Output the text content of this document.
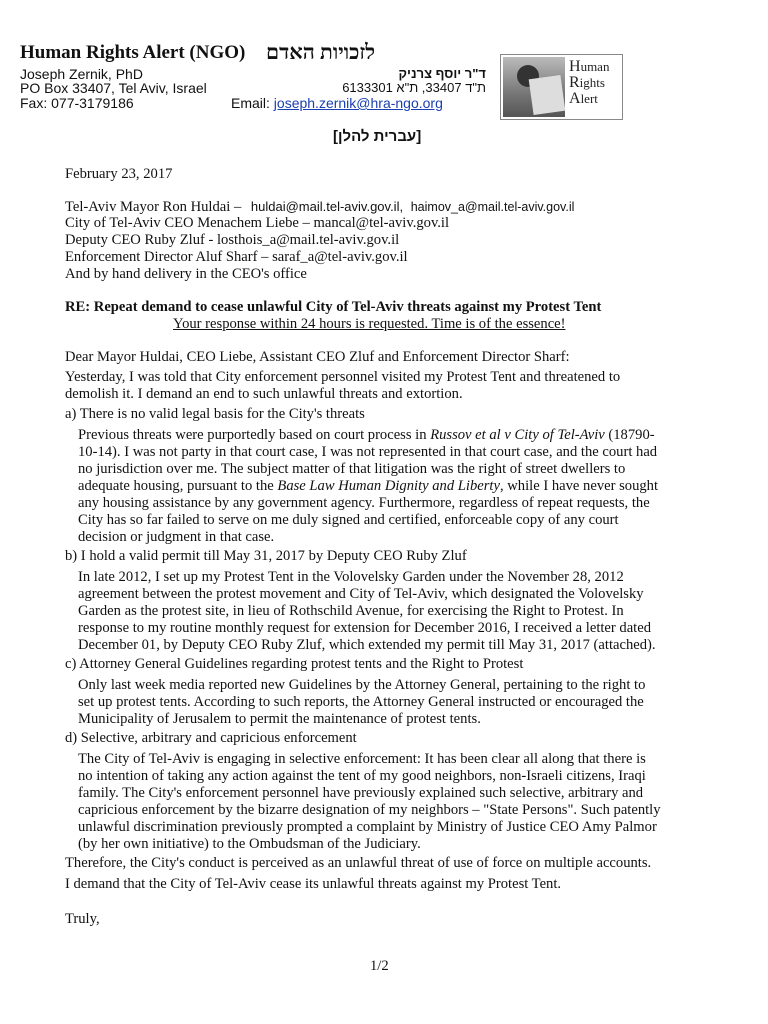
Human Rights Alert (NGO) לזכויות האדם
Joseph Zernik, PhD	ד"ר יוסף צרניק
PO Box 33407, Tel Aviv, Israel	ת"ד 33407, ת"א 6133301
Fax: 077-3179186	Email: joseph.zernik@hra-ngo.org
Human
Rights
Alert
[עברית להלן]
February 23, 2017
Tel-Aviv Mayor Ron Huldai – huldai@mail.tel-aviv.gov.il, haimov_a@mail.tel-aviv.gov.il
City of Tel-Aviv CEO Menachem Liebe – mancal@tel-aviv.gov.il
Deputy CEO Ruby Zluf - losthois_a@mail.tel-aviv.gov.il
Enforcement Director Aluf Sharf – saraf_a@tel-aviv.gov.il
And by hand delivery in the CEO's office
RE: Repeat demand to cease unlawful City of Tel-Aviv threats against my Protest Tent
Your response within 24 hours is requested. Time is of the essence!
Dear Mayor Huldai, CEO Liebe, Assistant CEO Zluf and Enforcement Director Sharf:
Yesterday, I was told that City enforcement personnel visited my Protest Tent and threatened to
demolish it. I demand an end to such unlawful threats and extortion.
a) There is no valid legal basis for the City's threats
Previous threats were purportedly based on court process in Russov et al v City of Tel-Aviv (18790-
10-14). I was not party in that court case, I was not represented in that court case, and the court had
no jurisdiction over me. The subject matter of that litigation was the right of street dwellers to
adequate housing, pursuant to the Base Law Human Dignity and Liberty, while I have never sought
any housing assistance by any government agency. Furthermore, regardless of repeat requests, the
City has so far failed to serve on me duly signed and certified, enforceable copy of any court
decision or judgment in that case.
b) I hold a valid permit till May 31, 2017 by Deputy CEO Ruby Zluf
In late 2012, I set up my Protest Tent in the Volovelsky Garden under the November 28, 2012
agreement between the protest movement and City of Tel-Aviv, which designated the Volovelsky
Garden as the protest site, in lieu of Rothschild Avenue, for exercising the Right to Protest. In
response to my routine monthly request for extension for December 2016, I received a letter dated
December 01, by Deputy CEO Ruby Zluf, which extended my permit till May 31, 2017 (attached).
c) Attorney General Guidelines regarding protest tents and the Right to Protest
Only last week media reported new Guidelines by the Attorney General, pertaining to the right to
set up protest tents. According to such reports, the Attorney General instructed or encouraged the
Municipality of Jerusalem to permit the maintenance of protest tents.
d) Selective, arbitrary and capricious enforcement
The City of Tel-Aviv is engaging in selective enforcement: It has been clear all along that there is
no intention of taking any action against the tent of my good neighbors, non-Israeli citizens, Iraqi
family. The City's enforcement personnel have previously explained such selective, arbitrary and
capricious enforcement by the bizarre designation of my neighbors – "State Persons". Such patently
unlawful discrimination previously prompted a complaint by Ministry of Justice CEO Amy Palmor
(by her own initiative) to the Ombudsman of the Judiciary.
Therefore, the City's conduct is perceived as an unlawful threat of use of force on multiple accounts.
I demand that the City of Tel-Aviv cease its unlawful threats against my Protest Tent.
Truly,
1/2
